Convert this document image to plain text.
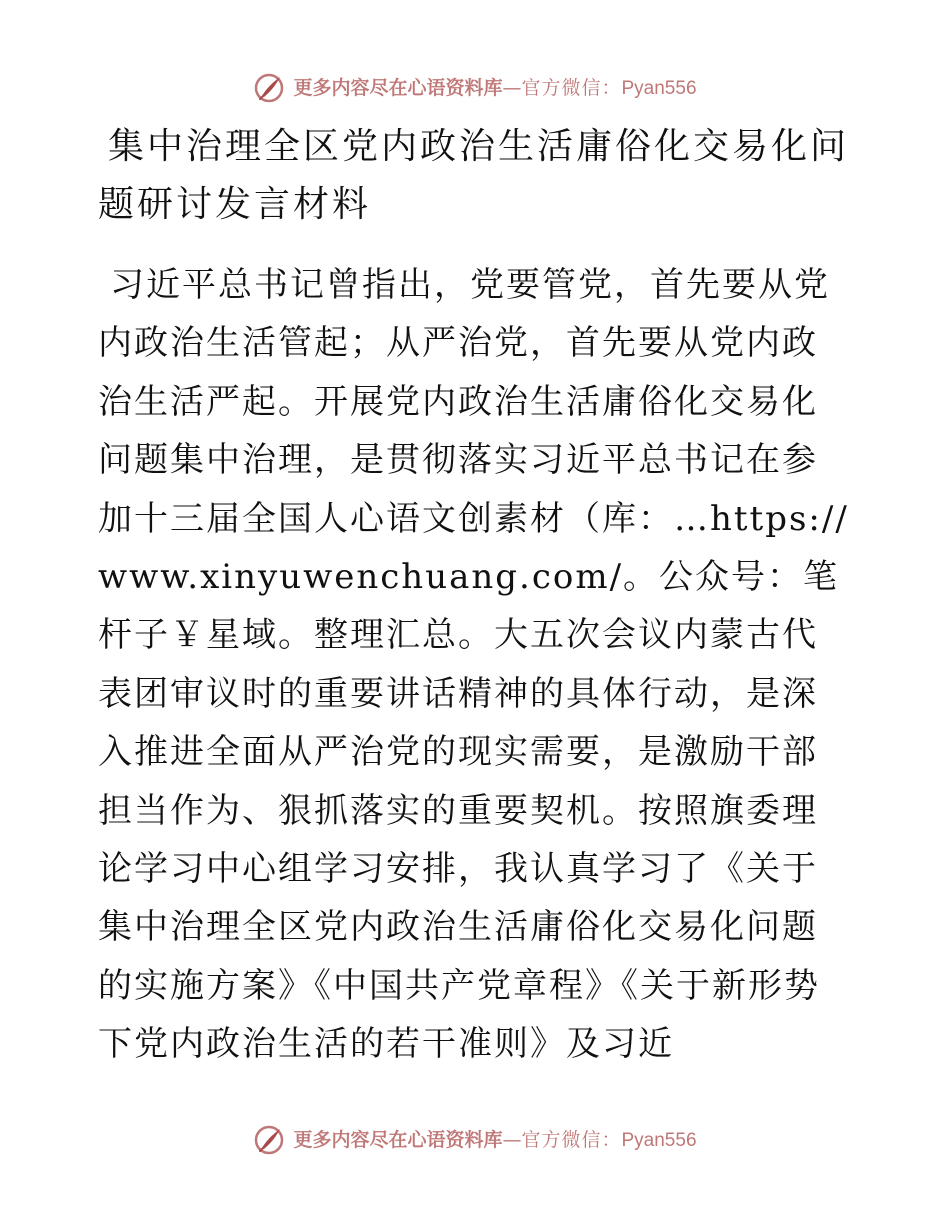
更多内容尽在心语资料库 — 官方微信： Pyan556
集中治理全区党内政治生活庸俗化交易化问题研讨发言材料

习近平总书记曾指出，党要管党，首先要从党内政治生活管起；从严治党，首先要从党内政治生活严起。开展党内政治生活庸俗化交易化问题集中治理，是贯彻落实习近平总书记在参加十三届全国人心语文创素材（库：…https://www.xinyuwenchuang.com/。公众号：笔杆子￥星域。整理汇总。大五次会议内蒙古代表团审议时的重要讲话精神的具体行动，是深入推进全面从严治党的现实需要，是激励干部担当作为、狠抓落实的重要契机。按照旗委理论学习中心组学习安排，我认真学习了《关于集中治理全区党内政治生活庸俗化交易化问题的实施方案》《中国共产党章程》《关于新形势下党内政治生活的若干准则》及习近

更多内容尽在心语资料库 — 官方微信： Pyan556
